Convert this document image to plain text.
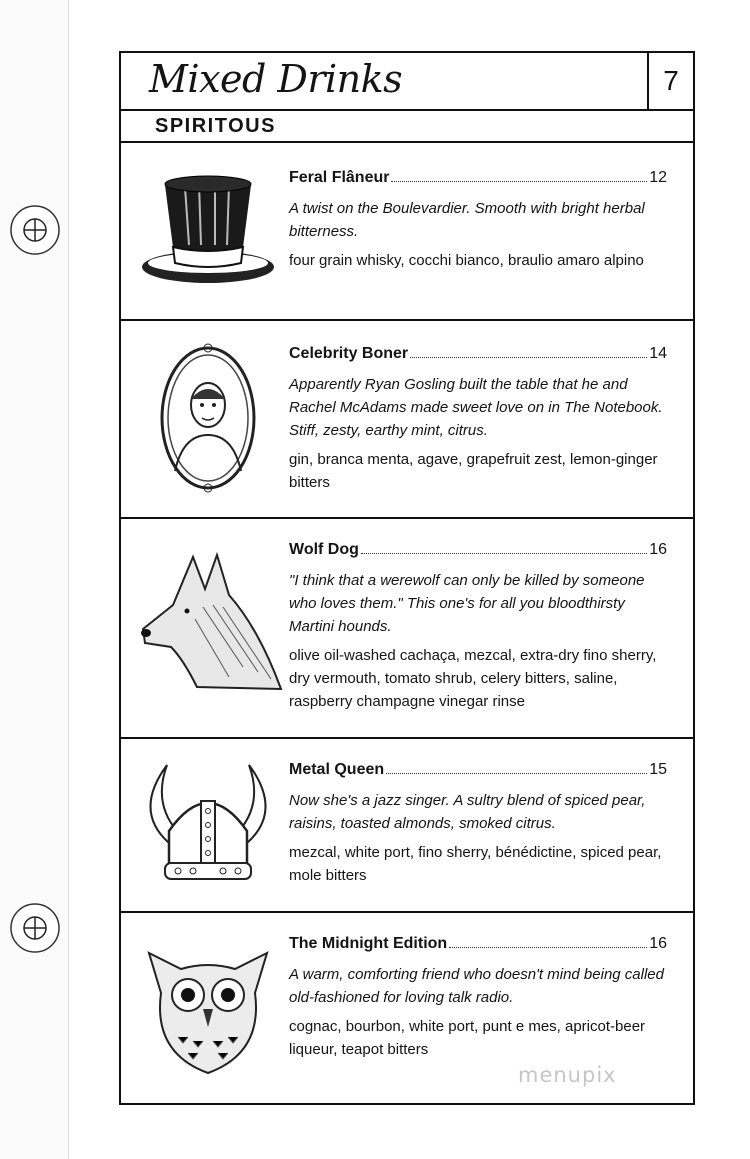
Mixed Drinks	7
SPIRITOUS
Feral Flâneur	12
A twist on the Boulevardier. Smooth with bright herbal bitterness.
four grain whisky, cocchi bianco, braulio amaro alpino
Celebrity Boner	14
Apparently Ryan Gosling built the table that he and Rachel McAdams made sweet love on in The Notebook. Stiff, zesty, earthy mint, citrus.
gin, branca menta, agave, grapefruit zest, lemon-ginger bitters
Wolf Dog	16
"I think that a werewolf can only be killed by someone who loves them." This one's for all you bloodthirsty Martini hounds.
olive oil-washed cachaça, mezcal, extra-dry fino sherry, dry vermouth, tomato shrub, celery bitters, saline, raspberry champagne vinegar rinse
Metal Queen	15
Now she's a jazz singer. A sultry blend of spiced pear, raisins, toasted almonds, smoked citrus.
mezcal, white port, fino sherry, bénédictine, spiced pear, mole bitters
The Midnight Edition	16
A warm, comforting friend who doesn't mind being called old-fashioned for loving talk radio.
cognac, bourbon, white port, punt e mes, apricot-beer liqueur, teapot bitters
menupix
